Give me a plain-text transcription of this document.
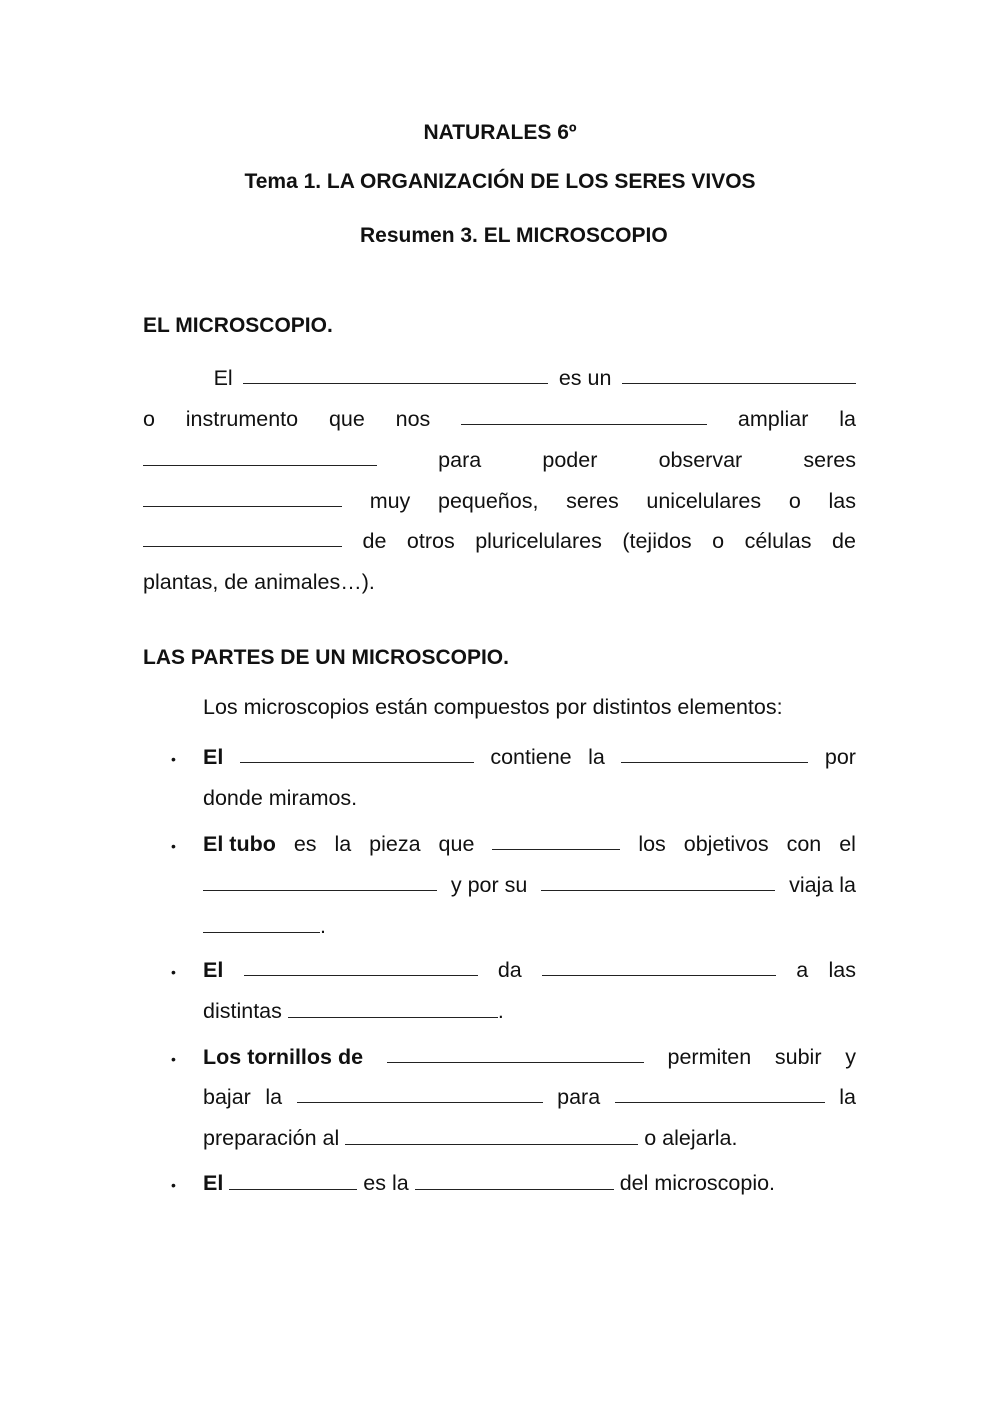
NATURALES 6º
Tema 1. LA ORGANIZACIÓN DE LOS SERES VIVOS
Resumen 3. EL MICROSCOPIO
EL MICROSCOPIO.
El	es un
o instrumento que nos	ampliar la
para	poder	observar	seres
muy pequeños, seres unicelulares o las
de otros pluricelulares (tejidos o células de
plantas, de animales…).
LAS PARTES DE UN MICROSCOPIO.
Los microscopios están compuestos por distintos elementos:
• El	contiene la	por
donde miramos.
• El tubo es la pieza que	los objetivos con el
y por su	viaja la
.
• El	da	a las
distintas	.
• Los tornillos de	permiten subir y
bajar la	para	la
preparación al	o alejarla.
• El	es la	del microscopio.
